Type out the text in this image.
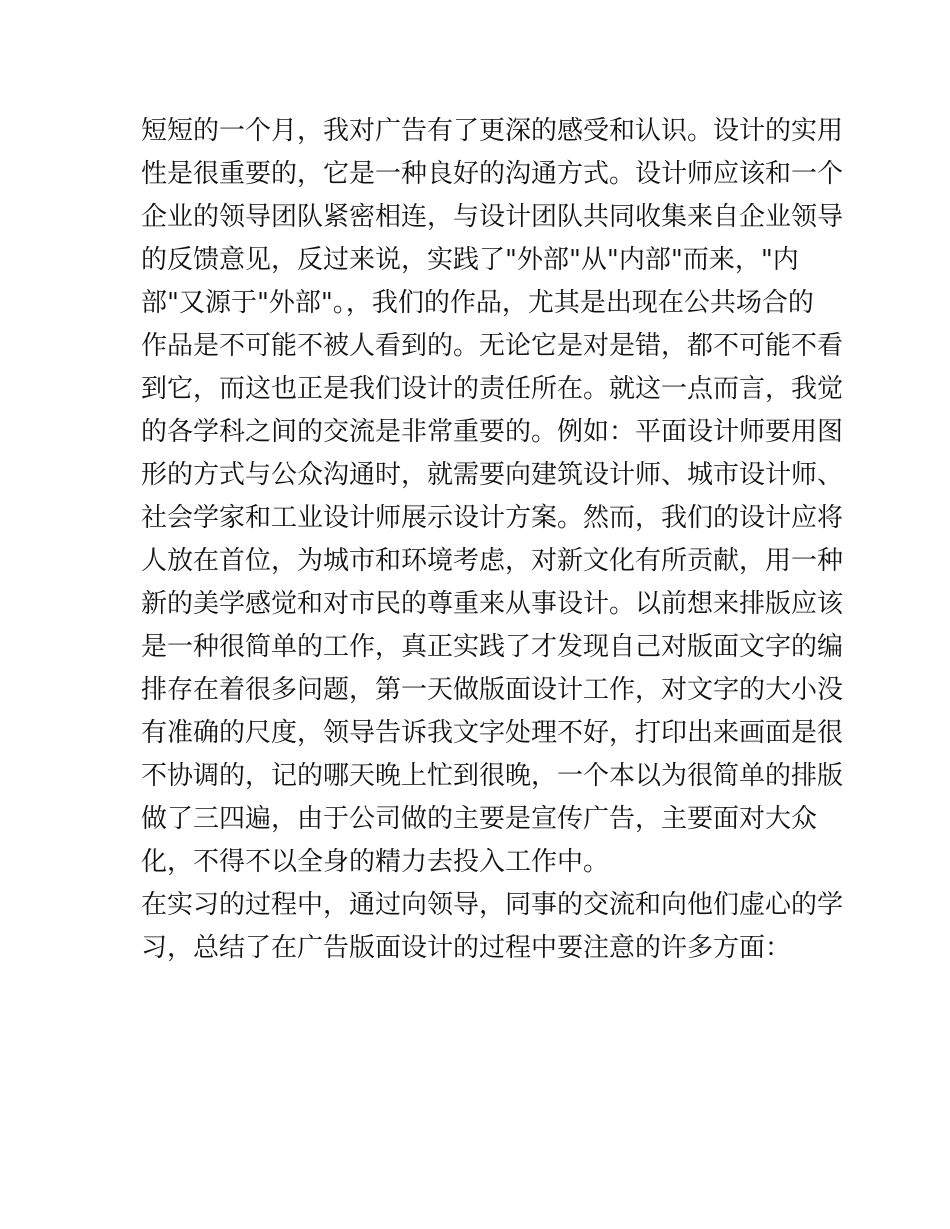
短短的一个月，我对广告有了更深的感受和认识。设计的实用

性是很重要的，它是一种良好的沟通方式。设计师应该和一个

企业的领导团队紧密相连，与设计团队共同收集来自企业领导

的反馈意见，反过来说，实践了"外部"从"内部"而来，"内

部"又源于"外部"。，我们的作品，尤其是出现在公共场合的

作品是不可能不被人看到的。无论它是对是错，都不可能不看

到它，而这也正是我们设计的责任所在。就这一点而言，我觉

的各学科之间的交流是非常重要的。例如：平面设计师要用图

形的方式与公众沟通时，就需要向建筑设计师、城市设计师、

社会学家和工业设计师展示设计方案。然而，我们的设计应将

人放在首位，为城市和环境考虑，对新文化有所贡献，用一种

新的美学感觉和对市民的尊重来从事设计。以前想来排版应该

是一种很简单的工作，真正实践了才发现自己对版面文字的编

排存在着很多问题，第一天做版面设计工作，对文字的大小没

有准确的尺度，领导告诉我文字处理不好，打印出来画面是很

不协调的，记的哪天晚上忙到很晚，一个本以为很简单的排版

做了三四遍，由于公司做的主要是宣传广告，主要面对大众

化，不得不以全身的精力去投入工作中。

在实习的过程中，通过向领导，同事的交流和向他们虚心的学

习，总结了在广告版面设计的过程中要注意的许多方面：
